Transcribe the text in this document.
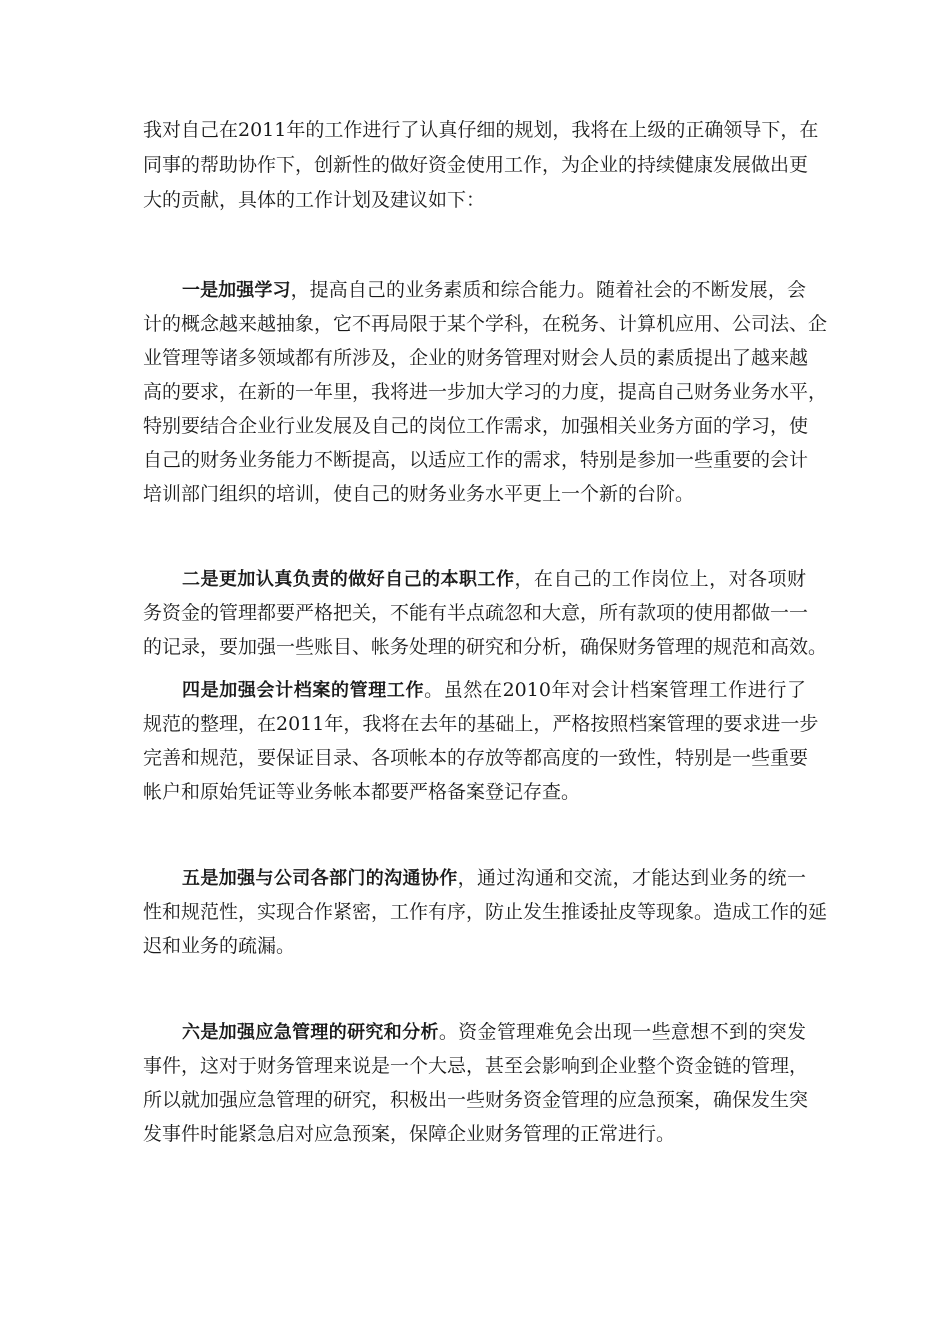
我对自己在2011年的工作进行了认真仔细的规划，我将在上级的正确领导下，在
同事的帮助协作下，创新性的做好资金使用工作，为企业的持续健康发展做出更
大的贡献，具体的工作计划及建议如下：
一是加强学习，提高自己的业务素质和综合能力。随着社会的不断发展，会
计的概念越来越抽象，它不再局限于某个学科，在税务、计算机应用、公司法、企
业管理等诸多领域都有所涉及，企业的财务管理对财会人员的素质提出了越来越
高的要求，在新的一年里，我将进一步加大学习的力度，提高自己财务业务水平，
特别要结合企业行业发展及自己的岗位工作需求，加强相关业务方面的学习，使
自己的财务业务能力不断提高，以适应工作的需求，特别是参加一些重要的会计
培训部门组织的培训，使自己的财务业务水平更上一个新的台阶。
二是更加认真负责的做好自己的本职工作，在自己的工作岗位上，对各项财
务资金的管理都要严格把关，不能有半点疏忽和大意，所有款项的使用都做一一
的记录，要加强一些账目、帐务处理的研究和分析，确保财务管理的规范和高效。
四是加强会计档案的管理工作。虽然在2010年对会计档案管理工作进行了
规范的整理，在2011年，我将在去年的基础上，严格按照档案管理的要求进一步
完善和规范，要保证目录、各项帐本的存放等都高度的一致性，特别是一些重要
帐户和原始凭证等业务帐本都要严格备案登记存查。
五是加强与公司各部门的沟通协作，通过沟通和交流，才能达到业务的统一
性和规范性，实现合作紧密，工作有序，防止发生推诿扯皮等现象。造成工作的延
迟和业务的疏漏。
六是加强应急管理的研究和分析。资金管理难免会出现一些意想不到的突发
事件，这对于财务管理来说是一个大忌，甚至会影响到企业整个资金链的管理，
所以就加强应急管理的研究，积极出一些财务资金管理的应急预案，确保发生突
发事件时能紧急启对应急预案，保障企业财务管理的正常进行。
